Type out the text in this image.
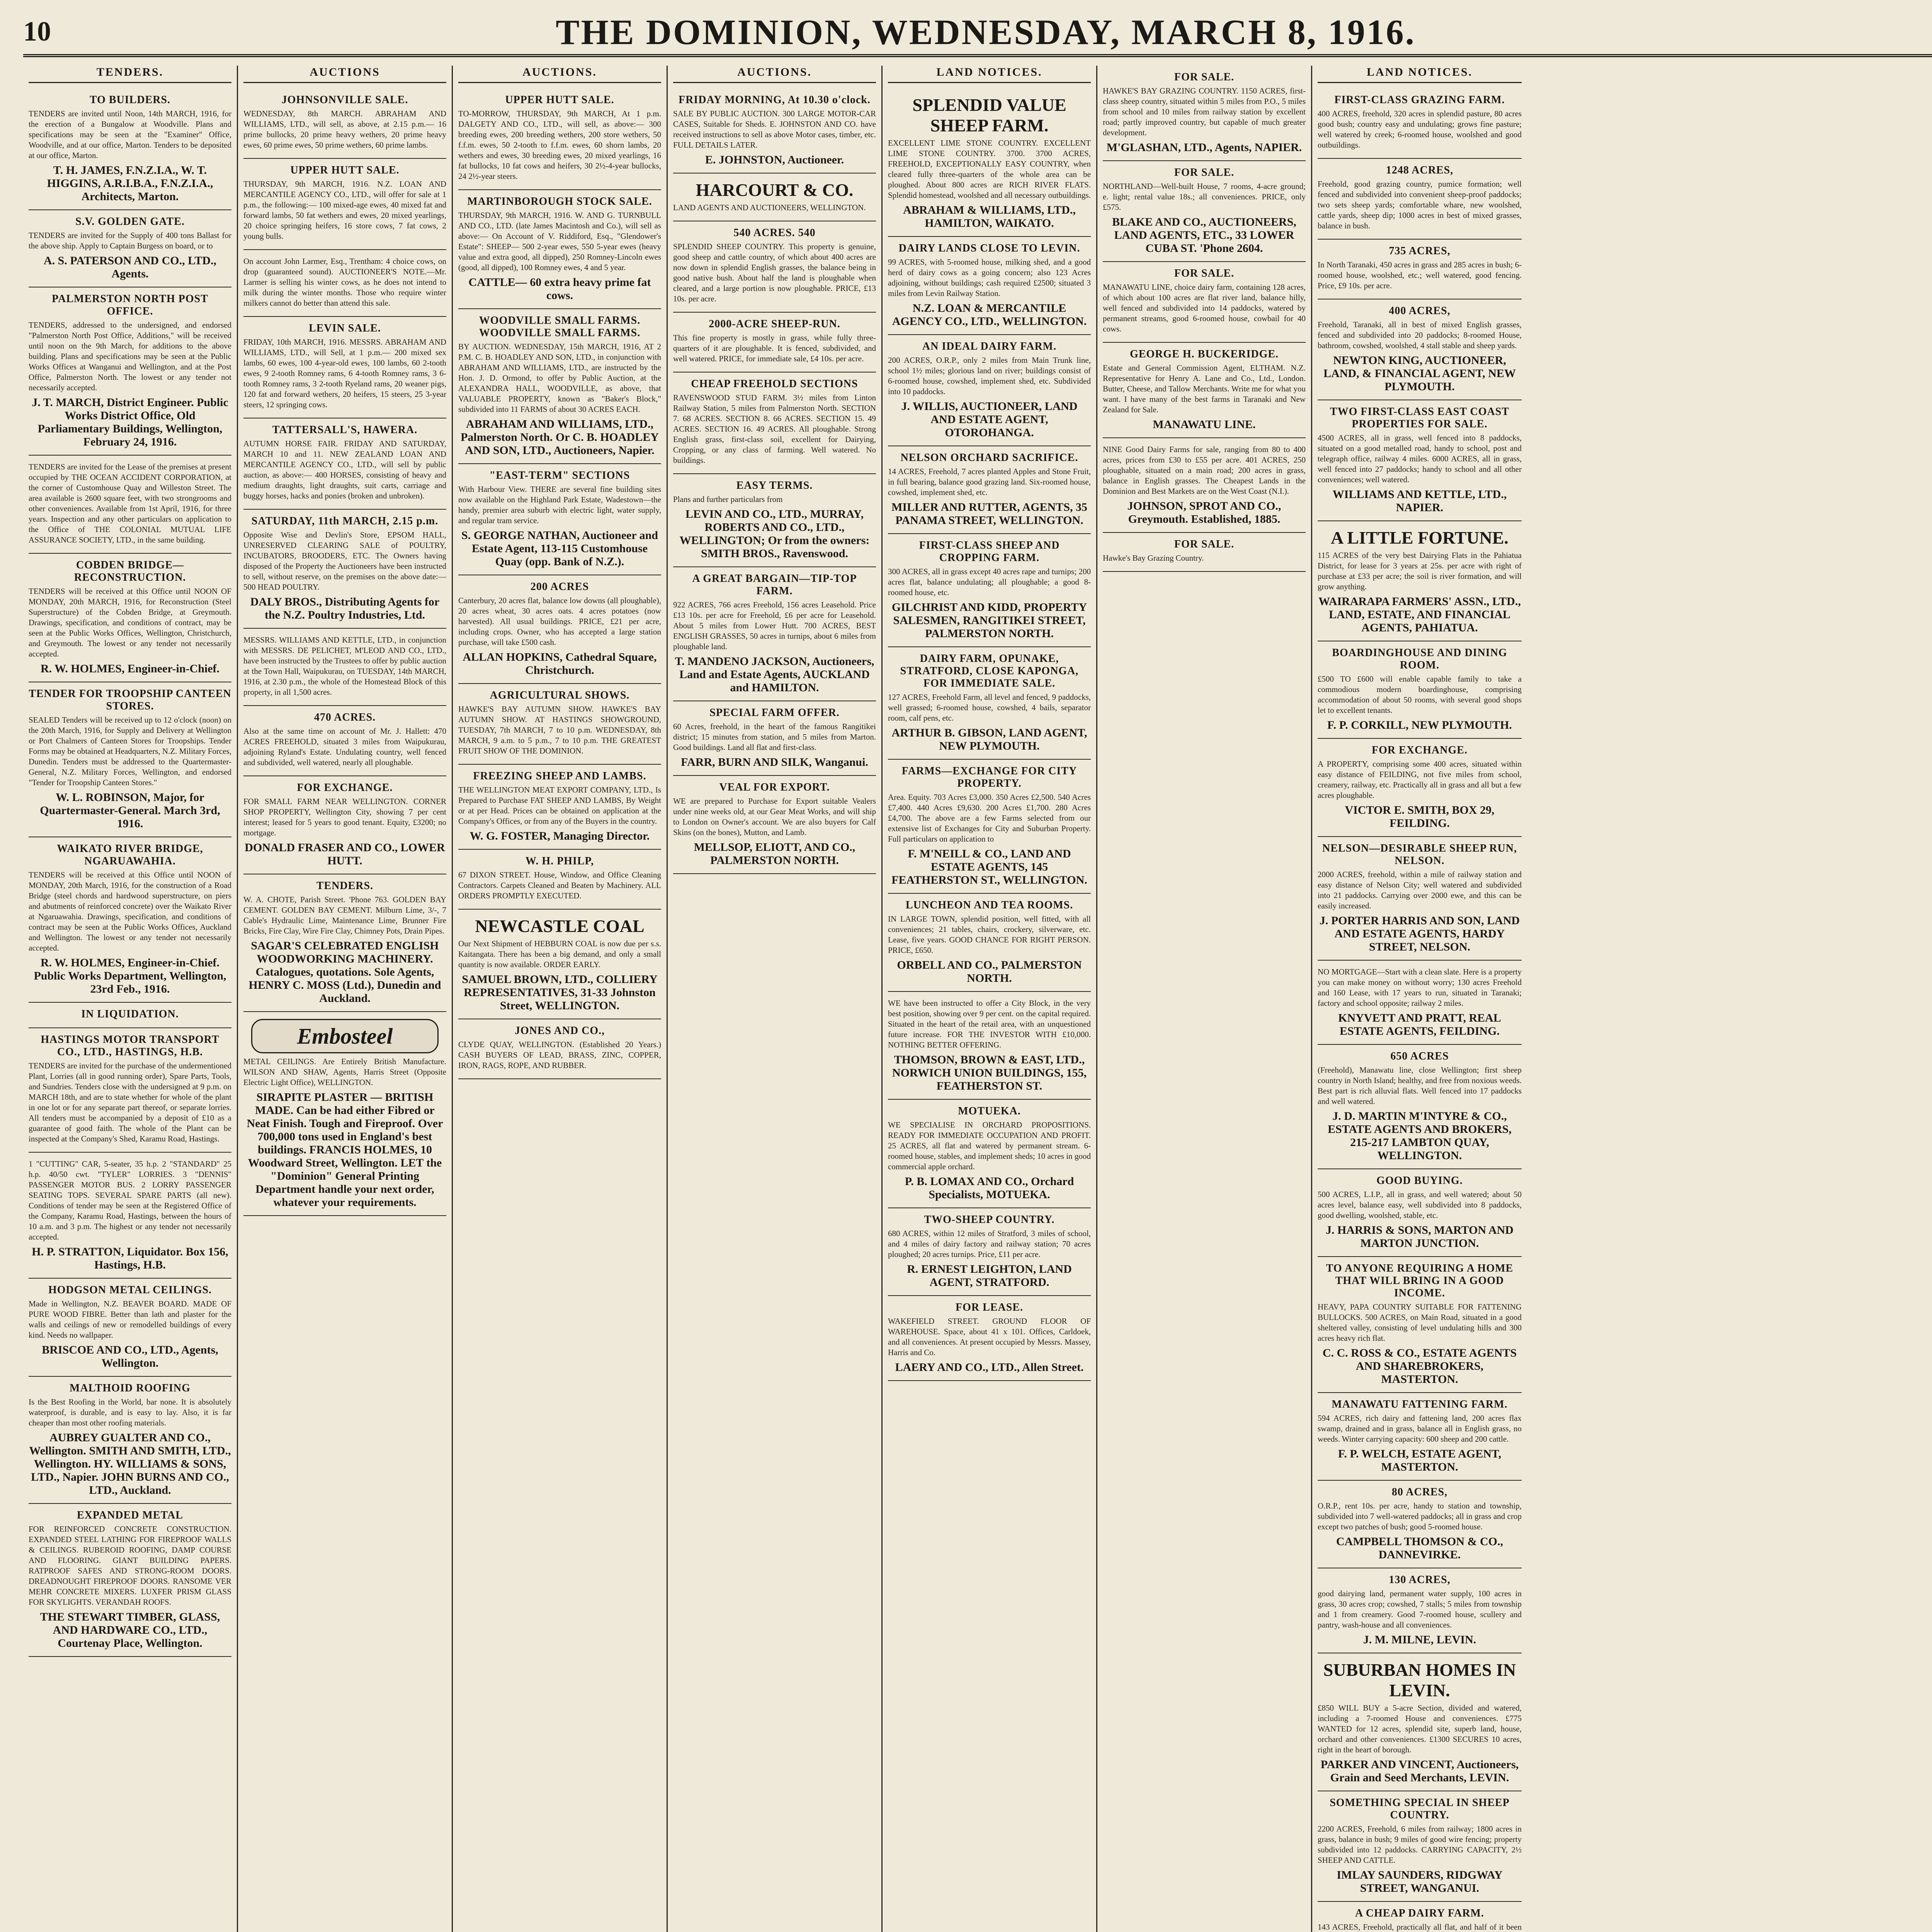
10	THE DOMINION, WEDNESDAY, MARCH 8, 1916.
TENDERS.
TO BUILDERS.
TENDERS are invited until Noon, 14th MARCH, 1916, for the erection of a Bungalow at Woodville. Plans and specifications may be seen at the "Examiner" Office, Woodville, and at our office, Marton. Tenders to be deposited at our office, Marton.
T. H. JAMES, F.N.Z.I.A., W. T. HIGGINS, A.R.I.B.A., F.N.Z.I.A., Architects, Marton.
S.V. GOLDEN GATE.
TENDERS are invited for the Supply of 400 tons Ballast for the above ship. Apply to Captain Burgess on board, or to
A. S. PATERSON AND CO., LTD., Agents.
PALMERSTON NORTH POST OFFICE.
TENDERS, addressed to the undersigned, and endorsed "Palmerston North Post Office, Additions," will be received until noon on the 9th March, for additions to the above building. Plans and specifications may be seen at the Public Works Offices at Wanganui and Wellington, and at the Post Office, Palmerston North. The lowest or any tender not necessarily accepted.
J. T. MARCH, District Engineer. Public Works District Office, Old Parliamentary Buildings, Wellington, February 24, 1916.
TENDERS are invited for the Lease of the premises at present occupied by THE OCEAN ACCIDENT CORPORATION, at the corner of Customhouse Quay and Willeston Street. The area available is 2600 square feet, with two strongrooms and other conveniences. Available from 1st April, 1916, for three years. Inspection and any other particulars on application to the Office of THE COLONIAL MUTUAL LIFE ASSURANCE SOCIETY, LTD., in the same building.
COBDEN BRIDGE—RECONSTRUCTION.
TENDERS will be received at this Office until NOON OF MONDAY, 20th MARCH, 1916, for Reconstruction (Steel Superstructure) of the Cobden Bridge, at Greymouth. Drawings, specification, and conditions of contract, may be seen at the Public Works Offices, Wellington, Christchurch, and Greymouth. The lowest or any tender not necessarily accepted.
R. W. HOLMES, Engineer-in-Chief.
TENDER FOR TROOPSHIP CANTEEN STORES.
SEALED Tenders will be received up to 12 o'clock (noon) on the 20th March, 1916, for Supply and Delivery at Wellington or Port Chalmers of Canteen Stores for Troopships. Tender Forms may be obtained at Headquarters, N.Z. Military Forces, Dunedin. Tenders must be addressed to the Quartermaster-General, N.Z. Military Forces, Wellington, and endorsed "Tender for Troopship Canteen Stores."
W. L. ROBINSON, Major, for Quartermaster-General. March 3rd, 1916.
WAIKATO RIVER BRIDGE, NGARUAWAHIA.
TENDERS will be received at this Office until NOON of MONDAY, 20th March, 1916, for the construction of a Road Bridge (steel chords and hardwood superstructure, on piers and abutments of reinforced concrete) over the Waikato River at Ngaruawahia. Drawings, specification, and conditions of contract may be seen at the Public Works Offices, Auckland and Wellington. The lowest or any tender not necessarily accepted.
R. W. HOLMES, Engineer-in-Chief. Public Works Department, Wellington, 23rd Feb., 1916.
IN LIQUIDATION.
HASTINGS MOTOR TRANSPORT CO., LTD., HASTINGS, H.B.
TENDERS are invited for the purchase of the undermentioned Plant, Lorries (all in good running order), Spare Parts, Tools, and Sundries. Tenders close with the undersigned at 9 p.m. on MARCH 18th, and are to state whether for whole of the plant in one lot or for any separate part thereof, or separate lorries. All tenders must be accompanied by a deposit of £10 as a guarantee of good faith. The whole of the Plant can be inspected at the Company's Shed, Karamu Road, Hastings.
1 "CUTTING" CAR, 5-seater, 35 h.p. 2 "STANDARD" 25 h.p. 40/50 cwt. "TYLER" LORRIES. 3 "DENNIS" PASSENGER MOTOR BUS. 2 LORRY PASSENGER SEATING TOPS. SEVERAL SPARE PARTS (all new). Conditions of tender may be seen at the Registered Office of the Company, Karamu Road, Hastings, between the hours of 10 a.m. and 3 p.m. The highest or any tender not necessarily accepted.
H. P. STRATTON, Liquidator. Box 156, Hastings, H.B.
HODGSON METAL CEILINGS.
Made in Wellington, N.Z. BEAVER BOARD. MADE OF PURE WOOD FIBRE. Better than lath and plaster for the walls and ceilings of new or remodelled buildings of every kind. Needs no wallpaper.
BRISCOE AND CO., LTD., Agents, Wellington.
MALTHOID ROOFING
Is the Best Roofing in the World, bar none. It is absolutely waterproof, is durable, and is easy to lay. Also, it is far cheaper than most other roofing materials.
AUBREY GUALTER AND CO., Wellington. SMITH AND SMITH, LTD., Wellington. HY. WILLIAMS & SONS, LTD., Napier. JOHN BURNS AND CO., LTD., Auckland.
EXPANDED METAL
FOR REINFORCED CONCRETE CONSTRUCTION. EXPANDED STEEL LATHING FOR FIREPROOF WALLS & CEILINGS. RUBEROID ROOFING, DAMP COURSE AND FLOORING. GIANT BUILDING PAPERS. RATPROOF SAFES AND STRONG-ROOM DOORS. DREADNOUGHT FIREPROOF DOORS. RANSOME VER MEHR CONCRETE MIXERS. LUXFER PRISM GLASS FOR SKYLIGHTS. VERANDAH ROOFS.
THE STEWART TIMBER, GLASS, AND HARDWARE CO., LTD., Courtenay Place, Wellington.
AUCTIONS
JOHNSONVILLE SALE.
WEDNESDAY, 8th MARCH. ABRAHAM AND WILLIAMS, LTD., will sell, as above, at 2.15 p.m.— 16 prime bullocks, 20 prime heavy wethers, 20 prime heavy ewes, 60 prime ewes, 50 prime wethers, 60 prime lambs.
UPPER HUTT SALE.
THURSDAY, 9th MARCH, 1916. N.Z. LOAN AND MERCANTILE AGENCY CO., LTD., will offer for sale at 1 p.m., the following:— 100 mixed-age ewes, 40 mixed fat and forward lambs, 50 fat wethers and ewes, 20 mixed yearlings, 20 choice springing heifers, 16 store cows, 7 fat cows, 2 young bulls.
On account John Larmer, Esq., Trentham: 4 choice cows, on drop (guaranteed sound). AUCTIONEER'S NOTE.—Mr. Larmer is selling his winter cows, as he does not intend to milk during the winter months. Those who require winter milkers cannot do better than attend this sale.
LEVIN SALE.
FRIDAY, 10th MARCH, 1916. MESSRS. ABRAHAM AND WILLIAMS, LTD., will Sell, at 1 p.m.— 200 mixed sex lambs, 60 ewes, 100 4-year-old ewes, 100 lambs, 60 2-tooth ewes, 9 2-tooth Romney rams, 6 4-tooth Romney rams, 3 6-tooth Romney rams, 3 2-tooth Ryeland rams, 20 weaner pigs, 120 fat and forward wethers, 20 heifers, 15 steers, 25 3-year steers, 12 springing cows.
TATTERSALL'S, HAWERA.
AUTUMN HORSE FAIR. FRIDAY AND SATURDAY, MARCH 10 and 11. NEW ZEALAND LOAN AND MERCANTILE AGENCY CO., LTD., will sell by public auction, as above:— 400 HORSES, consisting of heavy and medium draughts, light draughts, suit carts, carriage and buggy horses, hacks and ponies (broken and unbroken).
SATURDAY, 11th MARCH, 2.15 p.m.
Opposite Wise and Devlin's Store, EPSOM HALL, UNRESERVED CLEARING SALE of POULTRY, INCUBATORS, BROODERS, ETC. The Owners having disposed of the Property the Auctioneers have been instructed to sell, without reserve, on the premises on the above date:— 500 HEAD POULTRY.
DALY BROS., Distributing Agents for the N.Z. Poultry Industries, Ltd.
MESSRS. WILLIAMS AND KETTLE, LTD., in conjunction with MESSRS. DE PELICHET, M'LEOD AND CO., LTD., have been instructed by the Trustees to offer by public auction at the Town Hall, Waipukurau, on TUESDAY, 14th MARCH, 1916, at 2.30 p.m., the whole of the Homestead Block of this property, in all 1,500 acres.
470 ACRES.
Also at the same time on account of Mr. J. Hallett: 470 ACRES FREEHOLD, situated 3 miles from Waipukurau, adjoining Ryland's Estate. Undulating country, well fenced and subdivided, well watered, nearly all ploughable.
FOR EXCHANGE.
FOR SMALL FARM NEAR WELLINGTON. CORNER SHOP PROPERTY, Wellington City, showing 7 per cent interest; leased for 5 years to good tenant. Equity, £3200; no mortgage.
DONALD FRASER AND CO., LOWER HUTT.
TENDERS.
W. A. CHOTE, Parish Street. 'Phone 763. GOLDEN BAY CEMENT. GOLDEN BAY CEMENT. Milburn Lime, 3/-, 7 Cable's Hydraulic Lime, Maintenance Lime, Brunner Fire Bricks, Fire Clay, Wire Fire Clay, Chimney Pots, Drain Pipes.
SAGAR'S CELEBRATED ENGLISH WOODWORKING MACHINERY. Catalogues, quotations. Sole Agents, HENRY C. MOSS (Ltd.), Dunedin and Auckland.
Embosteel
METAL CEILINGS. Are Entirely British Manufacture. WILSON AND SHAW, Agents, Harris Street (Opposite Electric Light Office), WELLINGTON.
SIRAPITE PLASTER — BRITISH MADE. Can be had either Fibred or Neat Finish. Tough and Fireproof. Over 700,000 tons used in England's best buildings. FRANCIS HOLMES, 10 Woodward Street, Wellington. LET the "Dominion" General Printing Department handle your next order, whatever your requirements.
AUCTIONS.
UPPER HUTT SALE.
TO-MORROW, THURSDAY, 9th MARCH, At 1 p.m. DALGETY AND CO., LTD., will sell, as above:— 300 breeding ewes, 200 breeding wethers, 200 store wethers, 50 f.f.m. ewes, 50 2-tooth to f.f.m. ewes, 60 shorn lambs, 20 wethers and ewes, 30 breeding ewes, 20 mixed yearlings, 16 fat bullocks, 10 fat cows and heifers, 30 2½-4-year bullocks, 24 2½-year steers.
MARTINBOROUGH STOCK SALE.
THURSDAY, 9th MARCH, 1916. W. AND G. TURNBULL AND CO., LTD. (late James Macintosh and Co.), will sell as above:— On Account of V. Riddiford, Esq., "Glendower's Estate": SHEEP— 500 2-year ewes, 550 5-year ewes (heavy value and extra good, all dipped), 250 Romney-Lincoln ewes (good, all dipped), 100 Romney ewes, 4 and 5 year.
CATTLE— 60 extra heavy prime fat cows.
WOODVILLE SMALL FARMS. WOODVILLE SMALL FARMS.
BY AUCTION. WEDNESDAY, 15th MARCH, 1916, AT 2 P.M. C. B. HOADLEY AND SON, LTD., in conjunction with ABRAHAM AND WILLIAMS, LTD., are instructed by the Hon. J. D. Ormond, to offer by Public Auction, at the ALEXANDRA HALL, WOODVILLE, as above, that VALUABLE PROPERTY, known as "Baker's Block," subdivided into 11 FARMS of about 30 ACRES EACH.
ABRAHAM AND WILLIAMS, LTD., Palmerston North. Or C. B. HOADLEY AND SON, LTD., Auctioneers, Napier.
"EAST-TERM" SECTIONS
With Harbour View. THERE are several fine building sites now available on the Highland Park Estate, Wadestown—the handy, premier area suburb with electric light, water supply, and regular tram service.
S. GEORGE NATHAN, Auctioneer and Estate Agent, 113-115 Customhouse Quay (opp. Bank of N.Z.).
200 ACRES
Canterbury, 20 acres flat, balance low downs (all ploughable), 20 acres wheat, 30 acres oats. 4 acres potatoes (now harvested). All usual buildings. PRICE, £21 per acre, including crops. Owner, who has accepted a large station purchase, will take £500 cash.
ALLAN HOPKINS, Cathedral Square, Christchurch.
AGRICULTURAL SHOWS.
HAWKE'S BAY AUTUMN SHOW. HAWKE'S BAY AUTUMN SHOW. AT HASTINGS SHOWGROUND, TUESDAY, 7th MARCH, 7 to 10 p.m. WEDNESDAY, 8th MARCH, 9 a.m. to 5 p.m., 7 to 10 p.m. THE GREATEST FRUIT SHOW OF THE DOMINION.
FREEZING SHEEP AND LAMBS.
THE WELLINGTON MEAT EXPORT COMPANY, LTD., Is Prepared to Purchase FAT SHEEP AND LAMBS, By Weight or at per Head. Prices can be obtained on application at the Company's Offices, or from any of the Buyers in the country.
W. G. FOSTER, Managing Director.
W. H. PHILP,
67 DIXON STREET. House, Window, and Office Cleaning Contractors. Carpets Cleaned and Beaten by Machinery. ALL ORDERS PROMPTLY EXECUTED.
NEWCASTLE COAL
Our Next Shipment of HEBBURN COAL is now due per s.s. Kaitangata. There has been a big demand, and only a small quantity is now available. ORDER EARLY.
SAMUEL BROWN, LTD., COLLIERY REPRESENTATIVES, 31-33 Johnston Street, WELLINGTON.
JONES AND CO.,
CLYDE QUAY, WELLINGTON. (Established 20 Years.) CASH BUYERS OF LEAD, BRASS, ZINC, COPPER, IRON, RAGS, ROPE, AND RUBBER.
AUCTIONS.
FRIDAY MORNING, At 10.30 o'clock.
SALE BY PUBLIC AUCTION. 300 LARGE MOTOR-CAR CASES, Suitable for Sheds. E. JOHNSTON AND CO. have received instructions to sell as above Motor cases, timber, etc. FULL DETAILS LATER.
E. JOHNSTON, Auctioneer.
HARCOURT & CO.
LAND AGENTS AND AUCTIONEERS, WELLINGTON.
540 ACRES. 540
SPLENDID SHEEP COUNTRY. This property is genuine, good sheep and cattle country, of which about 400 acres are now down in splendid English grasses, the balance being in good native bush. About half the land is ploughable when cleared, and a large portion is now ploughable. PRICE, £13 10s. per acre.
2000-ACRE SHEEP-RUN.
This fine property is mostly in grass, while fully three-quarters of it are ploughable. It is fenced, subdivided, and well watered. PRICE, for immediate sale, £4 10s. per acre.
CHEAP FREEHOLD SECTIONS
RAVENSWOOD STUD FARM. 3½ miles from Linton Railway Station, 5 miles from Palmerston North. SECTION 7. 68 ACRES. SECTION 8. 66 ACRES. SECTION 15. 49 ACRES. SECTION 16. 49 ACRES. All ploughable. Strong English grass, first-class soil, excellent for Dairying, Cropping, or any class of farming. Well watered. No buildings.
EASY TERMS.
Plans and further particulars from
LEVIN AND CO., LTD., MURRAY, ROBERTS AND CO., LTD., WELLINGTON; Or from the owners: SMITH BROS., Ravenswood.
A GREAT BARGAIN—TIP-TOP FARM.
922 ACRES, 766 acres Freehold, 156 acres Leasehold. Price £13 10s. per acre for Freehold, £6 per acre for Leasehold. About 5 miles from Lower Hutt. 700 ACRES, BEST ENGLISH GRASSES, 50 acres in turnips, about 6 miles from ploughable land.
T. MANDENO JACKSON, Auctioneers, Land and Estate Agents, AUCKLAND and HAMILTON.
SPECIAL FARM OFFER.
60 Acres, freehold, in the heart of the famous Rangitikei district; 15 minutes from station, and 5 miles from Marton. Good buildings. Land all flat and first-class.
FARR, BURN AND SILK, Wanganui.
VEAL FOR EXPORT.
WE are prepared to Purchase for Export suitable Vealers under nine weeks old, at our Gear Meat Works, and will ship to London on Owner's account. We are also buyers for Calf Skins (on the bones), Mutton, and Lamb.
MELLSOP, ELIOTT, AND CO., PALMERSTON NORTH.
LAND NOTICES.
SPLENDID VALUE SHEEP FARM.
EXCELLENT LIME STONE COUNTRY. EXCELLENT LIME STONE COUNTRY. 3700. 3700 ACRES, FREEHOLD, EXCEPTIONALLY EASY COUNTRY, when cleared fully three-quarters of the whole area can be ploughed. About 800 acres are RICH RIVER FLATS. Splendid homestead, woolshed and all necessary outbuildings.
ABRAHAM & WILLIAMS, LTD., HAMILTON, WAIKATO.
DAIRY LANDS CLOSE TO LEVIN.
99 ACRES, with 5-roomed house, milking shed, and a good herd of dairy cows as a going concern; also 123 Acres adjoining, without buildings; cash required £2500; situated 3 miles from Levin Railway Station.
N.Z. LOAN & MERCANTILE AGENCY CO., LTD., WELLINGTON.
AN IDEAL DAIRY FARM.
200 ACRES, O.R.P., only 2 miles from Main Trunk line, school 1½ miles; glorious land on river; buildings consist of 6-roomed house, cowshed, implement shed, etc. Subdivided into 10 paddocks.
J. WILLIS, AUCTIONEER, LAND AND ESTATE AGENT, OTOROHANGA.
NELSON ORCHARD SACRIFICE.
14 ACRES, Freehold, 7 acres planted Apples and Stone Fruit, in full bearing, balance good grazing land. Six-roomed house, cowshed, implement shed, etc.
MILLER AND RUTTER, AGENTS, 35 PANAMA STREET, WELLINGTON.
FIRST-CLASS SHEEP AND CROPPING FARM.
300 ACRES, all in grass except 40 acres rape and turnips; 200 acres flat, balance undulating; all ploughable; a good 8-roomed house, etc.
GILCHRIST AND KIDD, PROPERTY SALESMEN, RANGITIKEI STREET, PALMERSTON NORTH.
DAIRY FARM, OPUNAKE, STRATFORD, CLOSE KAPONGA, FOR IMMEDIATE SALE.
127 ACRES, Freehold Farm, all level and fenced, 9 paddocks, well grassed; 6-roomed house, cowshed, 4 bails, separator room, calf pens, etc.
ARTHUR B. GIBSON, LAND AGENT, NEW PLYMOUTH.
FARMS—EXCHANGE FOR CITY PROPERTY.
Area. Equity. 703 Acres £3,000. 350 Acres £2,500. 540 Acres £7,400. 440 Acres £9,630. 200 Acres £1,700. 280 Acres £4,700. The above are a few Farms selected from our extensive list of Exchanges for City and Suburban Property. Full particulars on application to
F. M'NEILL & CO., LAND AND ESTATE AGENTS, 145 FEATHERSTON ST., WELLINGTON.
LUNCHEON AND TEA ROOMS.
IN LARGE TOWN, splendid position, well fitted, with all conveniences; 21 tables, chairs, crockery, silverware, etc. Lease, five years. GOOD CHANCE FOR RIGHT PERSON. PRICE, £650.
ORBELL AND CO., PALMERSTON NORTH.
WE have been instructed to offer a City Block, in the very best position, showing over 9 per cent. on the capital required. Situated in the heart of the retail area, with an unquestioned future increase. FOR THE INVESTOR WITH £10,000. NOTHING BETTER OFFERING.
THOMSON, BROWN & EAST, LTD., NORWICH UNION BUILDINGS, 155, FEATHERSTON ST.
MOTUEKA.
WE SPECIALISE IN ORCHARD PROPOSITIONS. READY FOR IMMEDIATE OCCUPATION AND PROFIT. 25 ACRES, all flat and watered by permanent stream. 6-roomed house, stables, and implement sheds; 10 acres in good commercial apple orchard.
P. B. LOMAX AND CO., Orchard Specialists, MOTUEKA.
TWO-SHEEP COUNTRY.
680 ACRES, within 12 miles of Stratford, 3 miles of school, and 4 miles of dairy factory and railway station; 70 acres ploughed; 20 acres turnips. Price, £11 per acre.
R. ERNEST LEIGHTON, LAND AGENT, STRATFORD.
FOR LEASE.
WAKEFIELD STREET. GROUND FLOOR OF WAREHOUSE. Space, about 41 x 101. Offices, Carldoek, and all conveniences. At present occupied by Messrs. Massey, Harris and Co.
LAERY AND CO., LTD., Allen Street.
FOR SALE.
HAWKE'S BAY GRAZING COUNTRY. 1150 ACRES, first-class sheep country, situated within 5 miles from P.O., 5 miles from school and 10 miles from railway station by excellent road; partly improved country, but capable of much greater development.
M'GLASHAN, LTD., Agents, NAPIER.
FOR SALE.
NORTHLAND—Well-built House, 7 rooms, 4-acre ground; e. light; rental value 18s.; all conveniences. PRICE, only £575.
BLAKE AND CO., AUCTIONEERS, LAND AGENTS, ETC., 33 LOWER CUBA ST. 'Phone 2604.
FOR SALE.
MANAWATU LINE, choice dairy farm, containing 128 acres, of which about 100 acres are flat river land, balance hilly, well fenced and subdivided into 14 paddocks, watered by permanent streams, good 6-roomed house, cowbail for 40 cows.
GEORGE H. BUCKERIDGE.
Estate and General Commission Agent, ELTHAM. N.Z. Representative for Henry A. Lane and Co., Ltd., London. Butter, Cheese, and Tallow Merchants. Write me for what you want. I have many of the best farms in Taranaki and New Zealand for Sale.
MANAWATU LINE.
NINE Good Dairy Farms for sale, ranging from 80 to 400 acres, prices from £30 to £55 per acre. 401 ACRES, 250 ploughable, situated on a main road; 200 acres in grass, balance in English grasses. The Cheapest Lands in the Dominion and Best Markets are on the West Coast (N.I.).
JOHNSON, SPROT AND CO., Greymouth. Established, 1885.
FOR SALE.
Hawke's Bay Grazing Country.
LAND NOTICES.
FIRST-CLASS GRAZING FARM.
400 ACRES, freehold, 320 acres in splendid pasture, 80 acres good bush; country easy and undulating; grows fine pasture; well watered by creek; 6-roomed house, woolshed and good outbuildings.
1248 ACRES,
Freehold, good grazing country, pumice formation; well fenced and subdivided into convenient sheep-proof paddocks; two sets sheep yards; comfortable whare, new woolshed, cattle yards, sheep dip; 1000 acres in best of mixed grasses, balance in bush.
735 ACRES,
In North Taranaki, 450 acres in grass and 285 acres in bush; 6-roomed house, woolshed, etc.; well watered, good fencing. Price, £9 10s. per acre.
400 ACRES,
Freehold, Taranaki, all in best of mixed English grasses, fenced and subdivided into 20 paddocks; 8-roomed House, bathroom, cowshed, woolshed, 4 stall stable and sheep yards.
NEWTON KING, AUCTIONEER, LAND, & FINANCIAL AGENT, NEW PLYMOUTH.
TWO FIRST-CLASS EAST COAST PROPERTIES FOR SALE.
4500 ACRES, all in grass, well fenced into 8 paddocks, situated on a good metalled road, handy to school, post and telegraph office, railway 4 miles. 6000 ACRES, all in grass, well fenced into 27 paddocks; handy to school and all other conveniences; well watered.
WILLIAMS AND KETTLE, LTD., NAPIER.
A LITTLE FORTUNE.
115 ACRES of the very best Dairying Flats in the Pahiatua District, for lease for 3 years at 25s. per acre with right of purchase at £33 per acre; the soil is river formation, and will grow anything.
WAIRARAPA FARMERS' ASSN., LTD., LAND, ESTATE, AND FINANCIAL AGENTS, PAHIATUA.
BOARDINGHOUSE AND DINING ROOM.
£500 TO £600 will enable capable family to take a commodious modern boardinghouse, comprising accommodation of about 50 rooms, with several good shops let to excellent tenants.
F. P. CORKILL, NEW PLYMOUTH.
FOR EXCHANGE.
A PROPERTY, comprising some 400 acres, situated within easy distance of FEILDING, not five miles from school, creamery, railway, etc. Practically all in grass and all but a few acres ploughable.
VICTOR E. SMITH, BOX 29, FEILDING.
NELSON—DESIRABLE SHEEP RUN, NELSON.
2000 ACRES, freehold, within a mile of railway station and easy distance of Nelson City; well watered and subdivided into 21 paddocks. Carrying over 2000 ewe, and this can be easily increased.
J. PORTER HARRIS AND SON, LAND AND ESTATE AGENTS, HARDY STREET, NELSON.
NO MORTGAGE—Start with a clean slate. Here is a property you can make money on without worry; 130 acres Freehold and 160 Lease, with 17 years to run, situated in Taranaki; factory and school opposite; railway 2 miles.
KNYVETT AND PRATT, REAL ESTATE AGENTS, FEILDING.
650 ACRES
(Freehold), Manawatu line, close Wellington; first sheep country in North Island; healthy, and free from noxious weeds. Best part is rich alluvial flats. Well fenced into 17 paddocks and well watered.
J. D. MARTIN M'INTYRE & CO., ESTATE AGENTS AND BROKERS, 215-217 LAMBTON QUAY, WELLINGTON.
GOOD BUYING.
500 ACRES, L.I.P., all in grass, and well watered; about 50 acres level, balance easy, well subdivided into 8 paddocks, good dwelling, woolshed, stable, etc.
J. HARRIS & SONS, MARTON AND MARTON JUNCTION.
TO ANYONE REQUIRING A HOME THAT WILL BRING IN A GOOD INCOME.
HEAVY, PAPA COUNTRY SUITABLE FOR FATTENING BULLOCKS. 500 ACRES, on Main Road, situated in a good sheltered valley, consisting of level undulating hills and 300 acres heavy rich flat.
C. C. ROSS & CO., ESTATE AGENTS AND SHAREBROKERS, MASTERTON.
MANAWATU FATTENING FARM.
594 ACRES, rich dairy and fattening land, 200 acres flax swamp, drained and in grass, balance all in English grass, no weeds. Winter carrying capacity: 600 sheep and 200 cattle.
F. P. WELCH, ESTATE AGENT, MASTERTON.
80 ACRES,
O.R.P., rent 10s. per acre, handy to station and township, subdivided into 7 well-watered paddocks; all in grass and crop except two patches of bush; good 5-roomed house.
CAMPBELL THOMSON & CO., DANNEVIRKE.
130 ACRES,
good dairying land, permanent water supply, 100 acres in grass, 30 acres crop; cowshed, 7 stalls; 5 miles from township and 1 from creamery. Good 7-roomed house, scullery and pantry, wash-house and all conveniences.
J. M. MILNE, LEVIN.
SUBURBAN HOMES IN LEVIN.
£850 WILL BUY a 5-acre Section, divided and watered, including a 7-roomed House and conveniences. £775 WANTED for 12 acres, splendid site, superb land, house, orchard and other conveniences. £1300 SECURES 10 acres, right in the heart of borough.
PARKER AND VINCENT, Auctioneers, Grain and Seed Merchants, LEVIN.
SOMETHING SPECIAL IN SHEEP COUNTRY.
2200 ACRES, Freehold, 6 miles from railway; 1800 acres in grass, balance in bush; 9 miles of good wire fencing; property subdivided into 12 paddocks. CARRYING CAPACITY, 2½ SHEEP AND CATTLE.
IMLAY SAUNDERS, RIDGWAY STREET, WANGANUI.
A CHEAP DAIRY FARM.
143 ACRES, Freehold, practically all flat, and half of it been
